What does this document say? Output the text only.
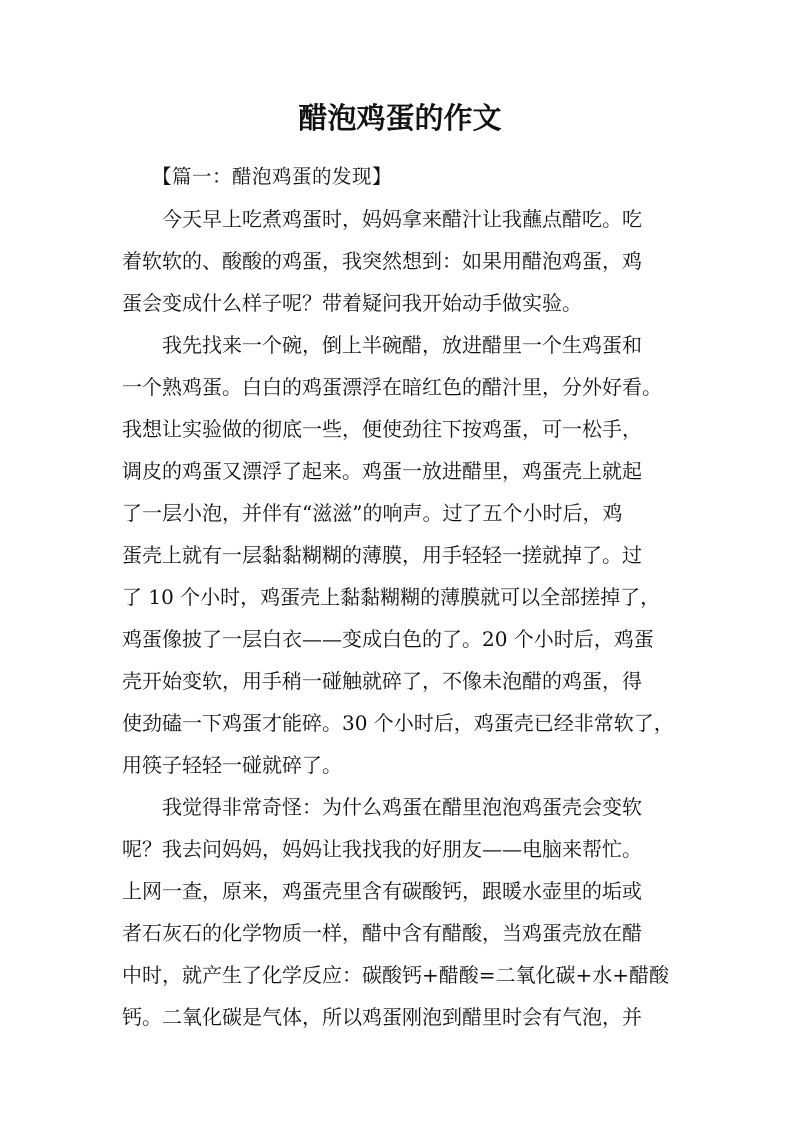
醋泡鸡蛋的作文

【篇一：醋泡鸡蛋的发现】

今天早上吃煮鸡蛋时，妈妈拿来醋汁让我蘸点醋吃。吃
着软软的、酸酸的鸡蛋，我突然想到：如果用醋泡鸡蛋，鸡
蛋会变成什么样子呢？带着疑问我开始动手做实验。

我先找来一个碗，倒上半碗醋，放进醋里一个生鸡蛋和
一个熟鸡蛋。白白的鸡蛋漂浮在暗红色的醋汁里，分外好看。
我想让实验做的彻底一些，便使劲往下按鸡蛋，可一松手，
调皮的鸡蛋又漂浮了起来。鸡蛋一放进醋里，鸡蛋壳上就起
了一层小泡，并伴有“滋滋”的响声。过了五个小时后，鸡
蛋壳上就有一层黏黏糊糊的薄膜，用手轻轻一搓就掉了。过
了 10 个小时，鸡蛋壳上黏黏糊糊的薄膜就可以全部搓掉了，
鸡蛋像披了一层白衣——变成白色的了。20 个小时后，鸡蛋
壳开始变软，用手稍一碰触就碎了，不像未泡醋的鸡蛋，得
使劲磕一下鸡蛋才能碎。30 个小时后，鸡蛋壳已经非常软了，
用筷子轻轻一碰就碎了。

我觉得非常奇怪：为什么鸡蛋在醋里泡泡鸡蛋壳会变软
呢？我去问妈妈，妈妈让我找我的好朋友——电脑来帮忙。
上网一查，原来，鸡蛋壳里含有碳酸钙，跟暖水壶里的垢或
者石灰石的化学物质一样，醋中含有醋酸，当鸡蛋壳放在醋
中时，就产生了化学反应：碳酸钙+醋酸=二氧化碳+水+醋酸
钙。二氧化碳是气体，所以鸡蛋刚泡到醋里时会有气泡，并
